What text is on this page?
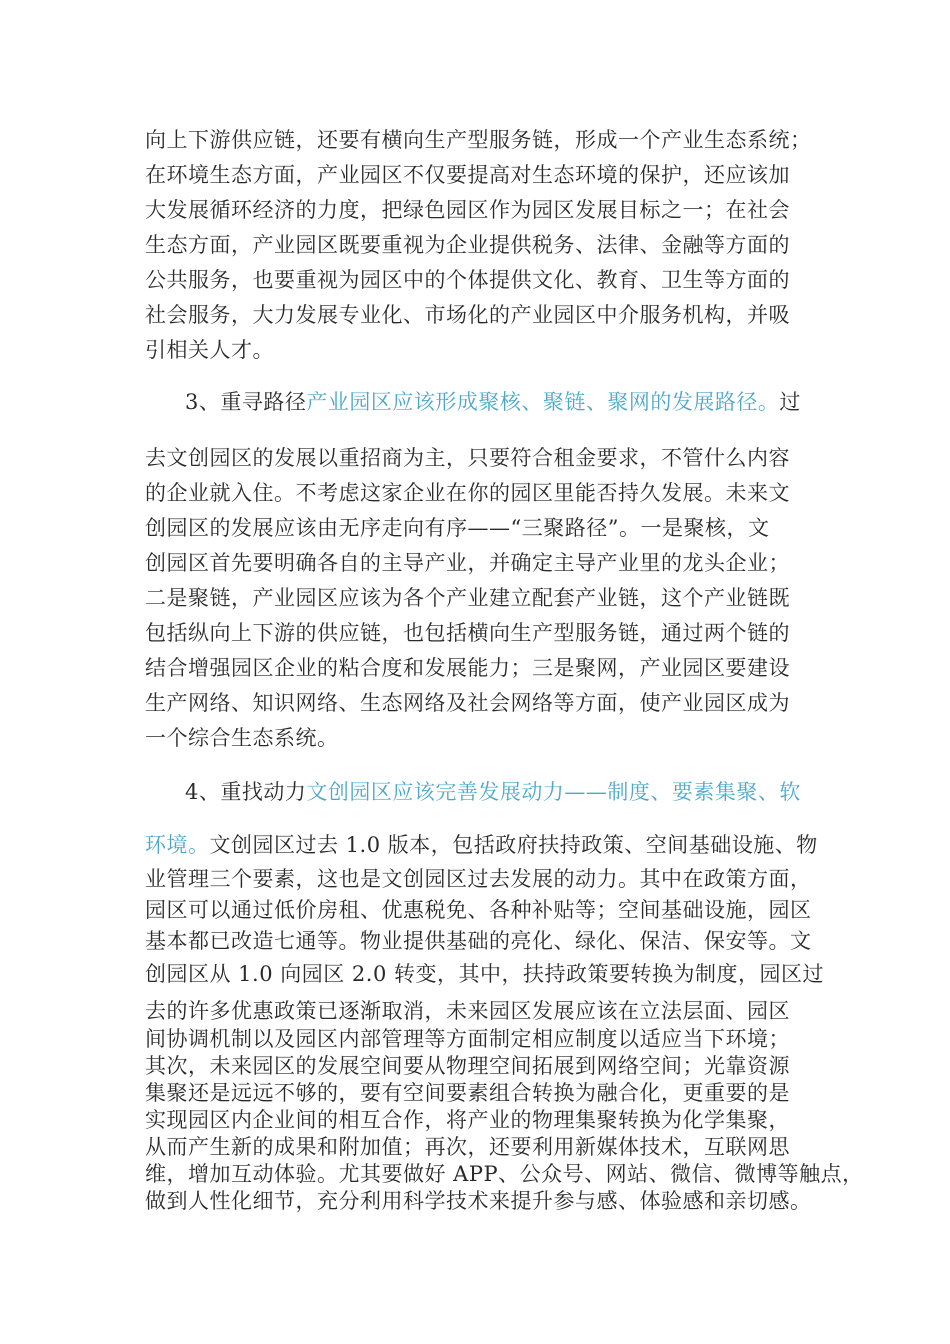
向上下游供应链，还要有横向生产型服务链，形成一个产业生态系统；
在环境生态方面，产业园区不仅要提高对生态环境的保护，还应该加
大发展循环经济的力度，把绿色园区作为园区发展目标之一；在社会
生态方面，产业园区既要重视为企业提供税务、法律、金融等方面的
公共服务，也要重视为园区中的个体提供文化、教育、卫生等方面的
社会服务，大力发展专业化、市场化的产业园区中介服务机构，并吸
引相关人才。
3、重寻路径产业园区应该形成聚核、聚链、聚网的发展路径。过
去文创园区的发展以重招商为主，只要符合租金要求，不管什么内容
的企业就入住。不考虑这家企业在你的园区里能否持久发展。未来文
创园区的发展应该由无序走向有序——“三聚路径”。一是聚核，文
创园区首先要明确各自的主导产业，并确定主导产业里的龙头企业；
二是聚链，产业园区应该为各个产业建立配套产业链，这个产业链既
包括纵向上下游的供应链，也包括横向生产型服务链，通过两个链的
结合增强园区企业的粘合度和发展能力；三是聚网，产业园区要建设
生产网络、知识网络、生态网络及社会网络等方面，使产业园区成为
一个综合生态系统。
4、重找动力文创园区应该完善发展动力——制度、要素集聚、软
环境。文创园区过去 1.0 版本，包括政府扶持政策、空间基础设施、物
业管理三个要素，这也是文创园区过去发展的动力。其中在政策方面，
园区可以通过低价房租、优惠税免、各种补贴等；空间基础设施，园区
基本都已改造七通等。物业提供基础的亮化、绿化、保洁、保安等。文
创园区从 1.0 向园区 2.0 转变，其中，扶持政策要转换为制度，园区过
去的许多优惠政策已逐渐取消，未来园区发展应该在立法层面、园区
间协调机制以及园区内部管理等方面制定相应制度以适应当下环境；
其次，未来园区的发展空间要从物理空间拓展到网络空间；光靠资源
集聚还是远远不够的，要有空间要素组合转换为融合化，更重要的是
实现园区内企业间的相互合作，将产业的物理集聚转换为化学集聚，
从而产生新的成果和附加值；再次，还要利用新媒体技术，互联网思
维，增加互动体验。尤其要做好 APP、公众号、网站、微信、微博等触点，
做到人性化细节，充分利用科学技术来提升参与感、体验感和亲切感。
